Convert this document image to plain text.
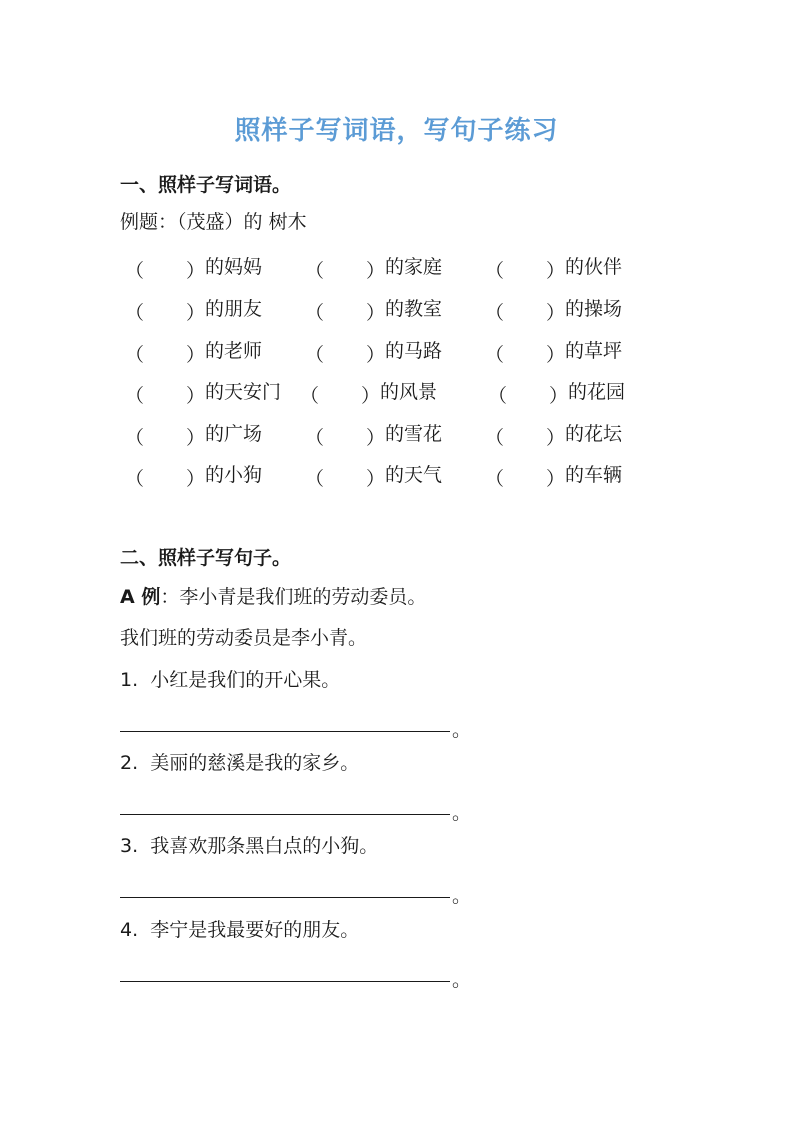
照样子写词语，写句子练习
一、照样子写词语。
例题：（茂盛）的 树木
（
） 的妈妈 （
） 的家庭 （
） 的伙伴
（
） 的朋友 （
） 的教室 （
） 的操场
（
） 的老师 （
） 的马路 （
） 的草坪
（
） 的天安门 （
） 的风景	（
） 的花园
（
） 的广场 （
） 的雪花 （
） 的花坛
（
） 的小狗 （
） 的天气 （
） 的车辆
二、照样子写句子。
A 例：李小青是我们班的劳动委员。
我们班的劳动委员是李小青。
1.  小红是我们的开心果。
。
2.  美丽的慈溪是我的家乡。
。
3.  我喜欢那条黑白点的小狗。
。
4.  李宁是我最要好的朋友。
。
